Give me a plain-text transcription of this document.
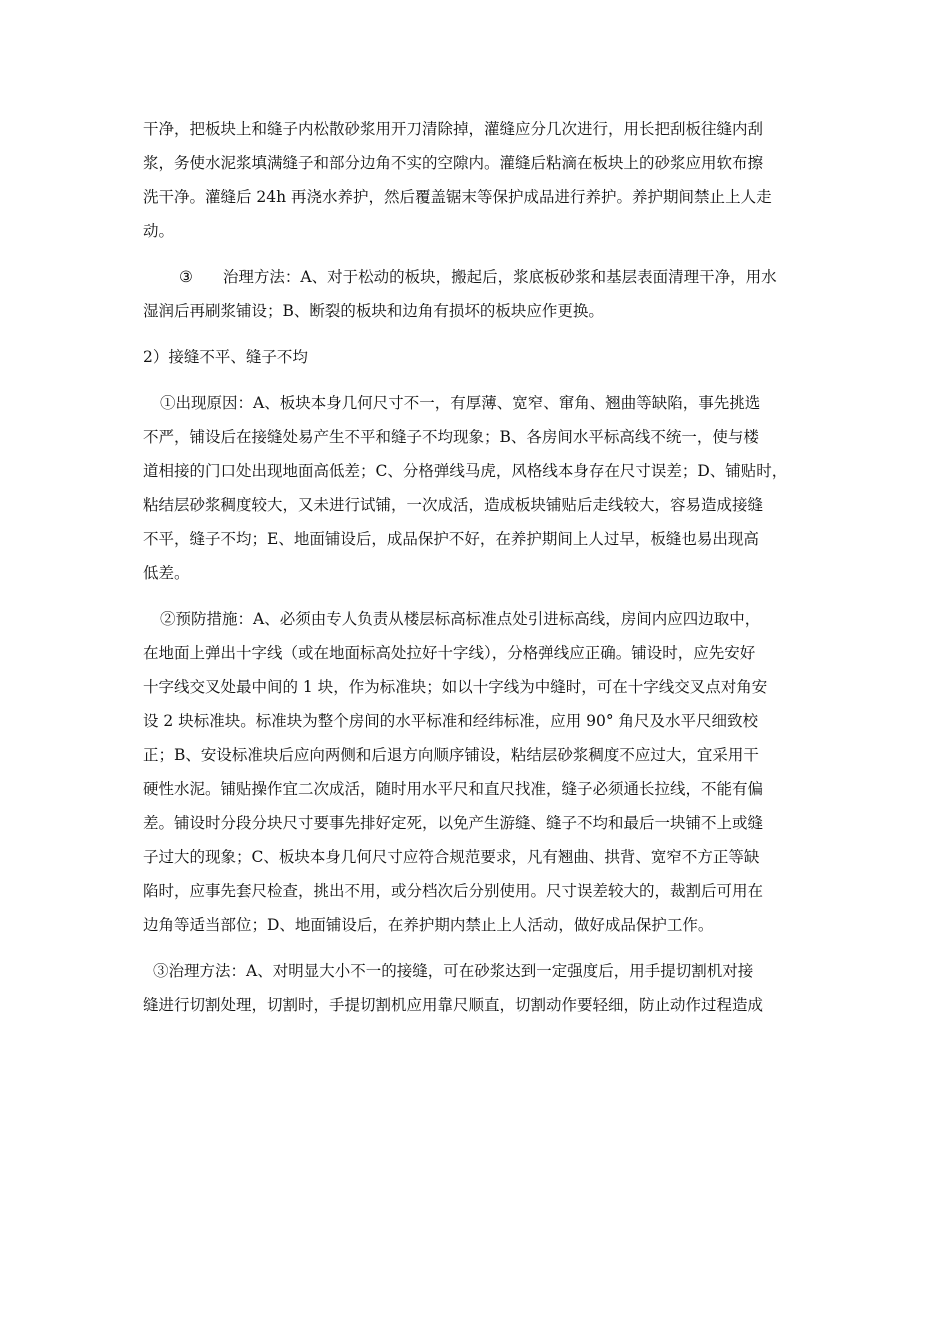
干净，把板块上和缝子内松散砂浆用开刀清除掉，灌缝应分几次进行，用长把刮板往缝内刮
浆，务使水泥浆填满缝子和部分边角不实的空隙内。灌缝后粘滴在板块上的砂浆应用软布擦
洗干净。灌缝后 24h 再浇水养护，然后覆盖锯末等保护成品进行养护。养护期间禁止上人走
动。
③ 治理方法：A、对于松动的板块，搬起后，浆底板砂浆和基层表面清理干净，用水
湿润后再刷浆铺设；B、断裂的板块和边角有损坏的板块应作更换。
2）接缝不平、缝子不均
①出现原因：A、板块本身几何尺寸不一，有厚薄、宽窄、窜角、翘曲等缺陷，事先挑选
不严，铺设后在接缝处易产生不平和缝子不均现象；B、各房间水平标高线不统一，使与楼
道相接的门口处出现地面高低差；C、分格弹线马虎，风格线本身存在尺寸误差；D、铺贴时，
粘结层砂浆稠度较大，又未进行试铺，一次成活，造成板块铺贴后走线较大，容易造成接缝
不平，缝子不均；E、地面铺设后，成品保护不好，在养护期间上人过早，板缝也易出现高
低差。
②预防措施：A、必须由专人负责从楼层标高标准点处引进标高线，房间内应四边取中，
在地面上弹出十字线（或在地面标高处拉好十字线），分格弹线应正确。铺设时，应先安好
十字线交叉处最中间的 1 块，作为标准块；如以十字线为中缝时，可在十字线交叉点对角安
设 2 块标准块。标准块为整个房间的水平标准和经纬标准，应用 90° 角尺及水平尺细致校
正；B、安设标准块后应向两侧和后退方向顺序铺设，粘结层砂浆稠度不应过大，宜采用干
硬性水泥。铺贴操作宜二次成活，随时用水平尺和直尺找准，缝子必须通长拉线，不能有偏
差。铺设时分段分块尺寸要事先排好定死，以免产生游缝、缝子不均和最后一块铺不上或缝
子过大的现象；C、板块本身几何尺寸应符合规范要求，凡有翘曲、拱背、宽窄不方正等缺
陷时，应事先套尺检查，挑出不用，或分档次后分别使用。尺寸误差较大的，裁割后可用在
边角等适当部位；D、地面铺设后，在养护期内禁止上人活动，做好成品保护工作。
③治理方法：A、对明显大小不一的接缝，可在砂浆达到一定强度后，用手提切割机对接
缝进行切割处理，切割时，手提切割机应用靠尺顺直，切割动作要轻细，防止动作过程造成
